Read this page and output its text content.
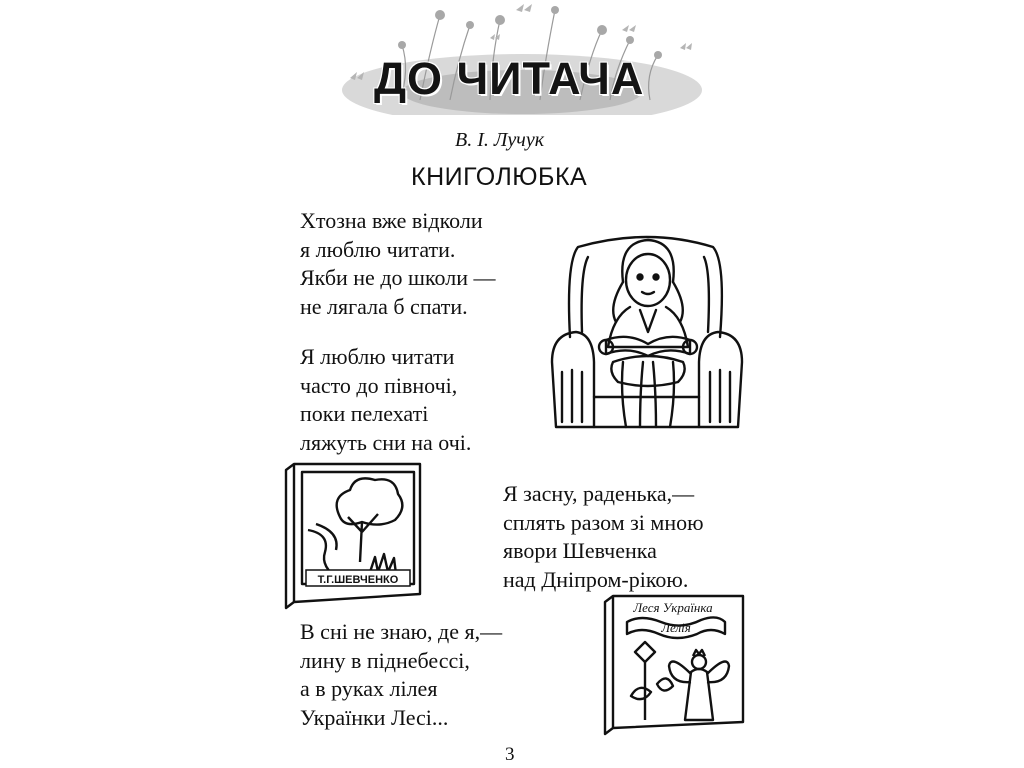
ДО ЧИТАЧА
В. І. Лучук
КНИГОЛЮБКА
Хтозна вже відколи
я люблю читати.
Якби не до школи —
не лягала б спати.
Я люблю читати
часто до півночі,
поки пелехаті
ляжуть сни на очі.
Я засну, раденька,—
сплять разом зі мною
явори Шевченка
над Дніпром-рікою.
В сні не знаю, де я,—
лину в піднебессі,
а в руках лілея
Українки Лесі...
Т.Г.ШЕВЧЕНКО
Леся Українка
Лелія
3
